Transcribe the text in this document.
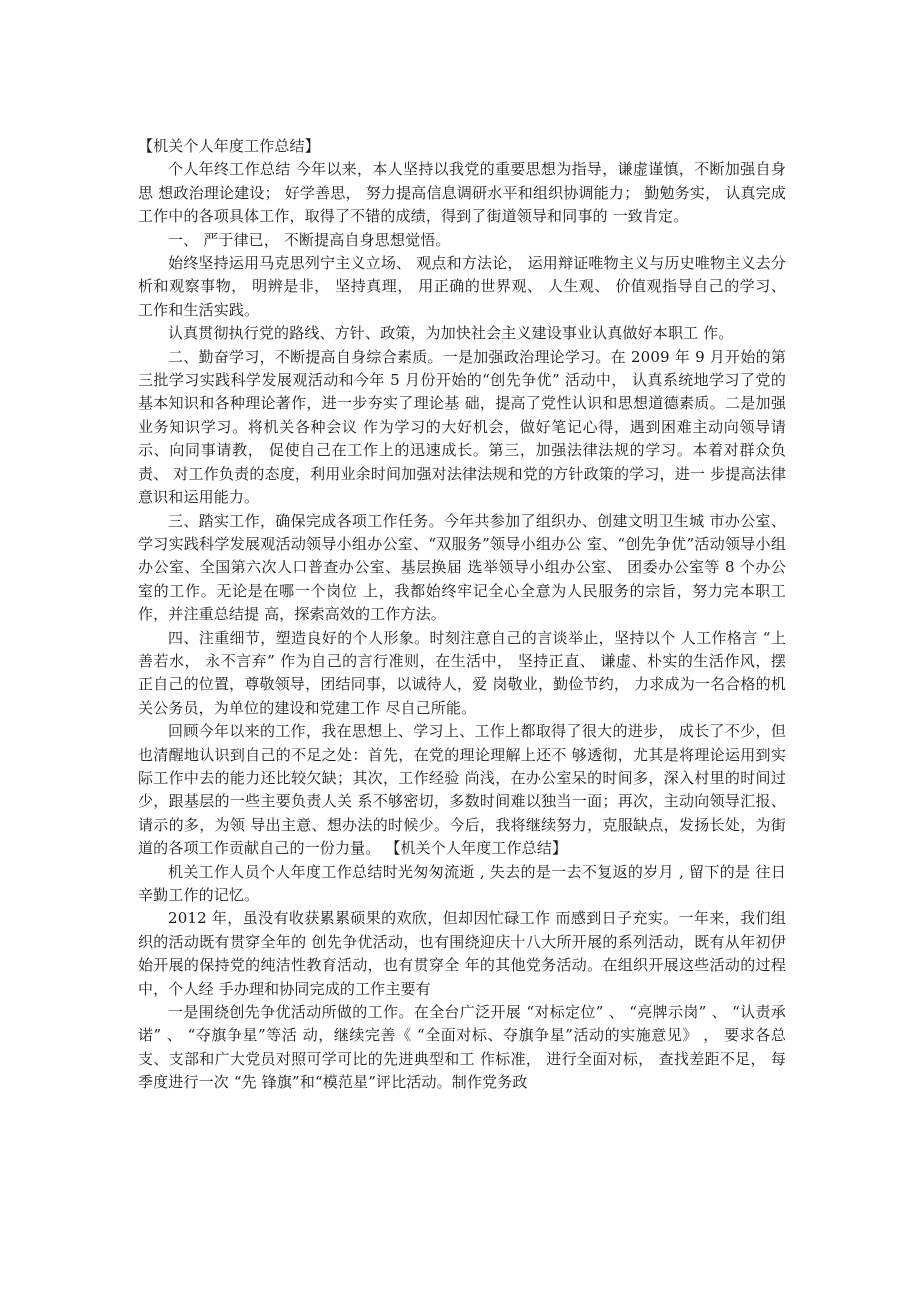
【机关个人年度工作总结】

个人年终工作总结 今年以来，本人坚持以我党的重要思想为指导，谦虚谨慎，不断加强自身思 想政治理论建设； 好学善思， 努力提高信息调研水平和组织协调能力； 勤勉务实， 认真完成工作中的各项具体工作，取得了不错的成绩，得到了街道领导和同事的 一致肯定。

一、 严于律已， 不断提高自身思想觉悟。

始终坚持运用马克思列宁主义立场、 观点和方法论， 运用辩证唯物主义与历史唯物主义去分析和观察事物， 明辨是非， 坚持真理， 用正确的世界观、 人生观、 价值观指导自己的学习、 工作和生活实践。

认真贯彻执行党的路线、方针、政策，为加快社会主义建设事业认真做好本职工 作。

二、勤奋学习，不断提高自身综合素质。一是加强政治理论学习。在 2009 年 9 月开始的第三批学习实践科学发展观活动和今年 5 月份开始的“创先争优” 活动中， 认真系统地学习了党的基本知识和各种理论著作，进一步夯实了理论基 础，提高了党性认识和思想道德素质。二是加强业务知识学习。将机关各种会议 作为学习的大好机会，做好笔记心得，遇到困难主动向领导请示、向同事请教， 促使自己在工作上的迅速成长。第三，加强法律法规的学习。本着对群众负责、 对工作负责的态度，利用业余时间加强对法律法规和党的方针政策的学习，进一 步提高法律意识和运用能力。

三、踏实工作，确保完成各项工作任务。今年共参加了组织办、创建文明卫生城 市办公室、学习实践科学发展观活动领导小组办公室、“双服务”领导小组办公 室、“创先争优”活动领导小组办公室、全国第六次人口普查办公室、基层换届 选举领导小组办公室、 团委办公室等 8 个办公室的工作。无论是在哪一个岗位 上，我都始终牢记全心全意为人民服务的宗旨，努力完本职工作，并注重总结提 高，探索高效的工作方法。

四、注重细节，塑造良好的个人形象。时刻注意自己的言谈举止，坚持以个 人工作格言 “上善若水， 永不言弃” 作为自己的言行准则，在生活中， 坚持正直、 谦虚、朴实的生活作风，摆正自己的位置，尊敬领导，团结同事，以诚待人，爱 岗敬业，勤俭节约， 力求成为一名合格的机关公务员，为单位的建设和党建工作 尽自己所能。

回顾今年以来的工作，我在思想上、学习上、工作上都取得了很大的进步， 成长了不少，但也清醒地认识到自己的不足之处：首先，在党的理论理解上还不 够透彻，尤其是将理论运用到实际工作中去的能力还比较欠缺；其次，工作经验 尚浅，在办公室呆的时间多，深入村里的时间过少，跟基层的一些主要负责人关 系不够密切，多数时间难以独当一面；再次，主动向领导汇报、请示的多，为领 导出主意、想办法的时候少。今后，我将继续努力，克服缺点，发扬长处，为街 道的各项工作贡献自己的一份力量。 【机关个人年度工作总结】

机关工作人员个人年度工作总结时光匆匆流逝 , 失去的是一去不复返的岁月 , 留下的是 往日辛勤工作的记忆。

2012 年，虽没有收获累累硕果的欢欣，但却因忙碌工作 而感到日子充实。一年来，我们组织的活动既有贯穿全年的 创先争优活动，也有围绕迎庆十八大所开展的系列活动，既有从年初伊始开展的保持党的纯洁性教育活动，也有贯穿全 年的其他党务活动。在组织开展这些活动的过程中，个人经 手办理和协同完成的工作主要有

一是围绕创先争优活动所做的工作。在全台广泛开展 “对标定位” 、 “亮牌示岗” 、 “认责承诺” 、 “夺旗争星”等活 动，继续完善《 “全面对标、夺旗争星”活动的实施意见》 ， 要求各总支、支部和广大党员对照可学可比的先进典型和工 作标准， 进行全面对标， 查找差距不足， 每季度进行一次 “先 锋旗”和“模范星”评比活动。制作党务政
